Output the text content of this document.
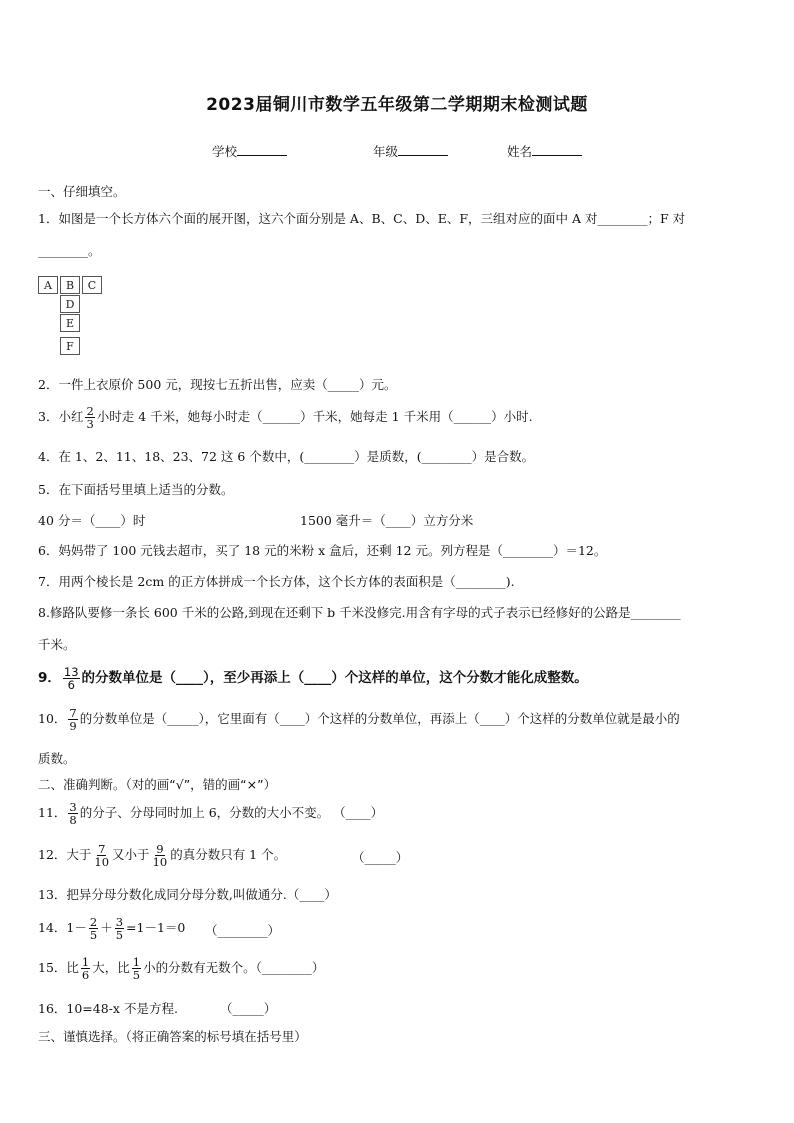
2023届铜川市数学五年级第二学期期末检测试题
学校	年级	姓名
一、仔细填空。
1．如图是一个长方体六个面的展开图，这六个面分别是 A、B、C、D、E、F，三组对应的面中 A 对________；F 对
________。
A	B	C
D
E
F
2．一件上衣原价 500 元，现按七五折出售，应卖（_____）元。
3．小红 $\frac{2}{3}$ 小时走 4 千米，她每小时走（______）千米，她每走 1 千米用（______）小时.
4．在 1、2、11、18、23、72 这 6 个数中，(________）是质数，(________）是合数。
5．在下面括号里填上适当的分数。
40 分＝（____）时	1500 毫升＝（____）立方分米
6．妈妈带了 100 元钱去超市，买了 18 元的米粉 x 盒后，还剩 12 元。列方程是（________）＝12。
7．用两个棱长是 2cm 的正方体拼成一个长方体，这个长方体的表面积是（________).
8.修路队要修一条长 600 千米的公路,到现在还剩下 b 千米没修完.用含有字母的式子表示已经修好的公路是________
千米。
9． $\frac{13}{6}$ 的分数单位是（____），至少再添上（____）个这样的单位，这个分数才能化成整数。
10． $\frac{7}{9}$ 的分数单位是（_____），它里面有（____）个这样的分数单位，再添上（____）个这样的分数单位就是最小的
质数。
二、准确判断。（对的画“√”，错的画“×”）
11． $\frac{3}{8}$ 的分子、分母同时加上 6，分数的大小不变。 （____）
12．大于 $\frac{7}{10}$ 又小于 $\frac{9}{10}$ 的真分数只有 1 个。	（_____）
13．把异分母分数化成同分母分数,叫做通分.（____）
14．$1- \frac{2}{5} + \frac{3}{5} =1-1=0$ （________）
15．比 $\frac{1}{6}$ 大，比 $\frac{1}{5}$ 小的分数有无数个。（________）
16．10=48-x 不是方程.	（_____）
三、谨慎选择。（将正确答案的标号填在括号里）
